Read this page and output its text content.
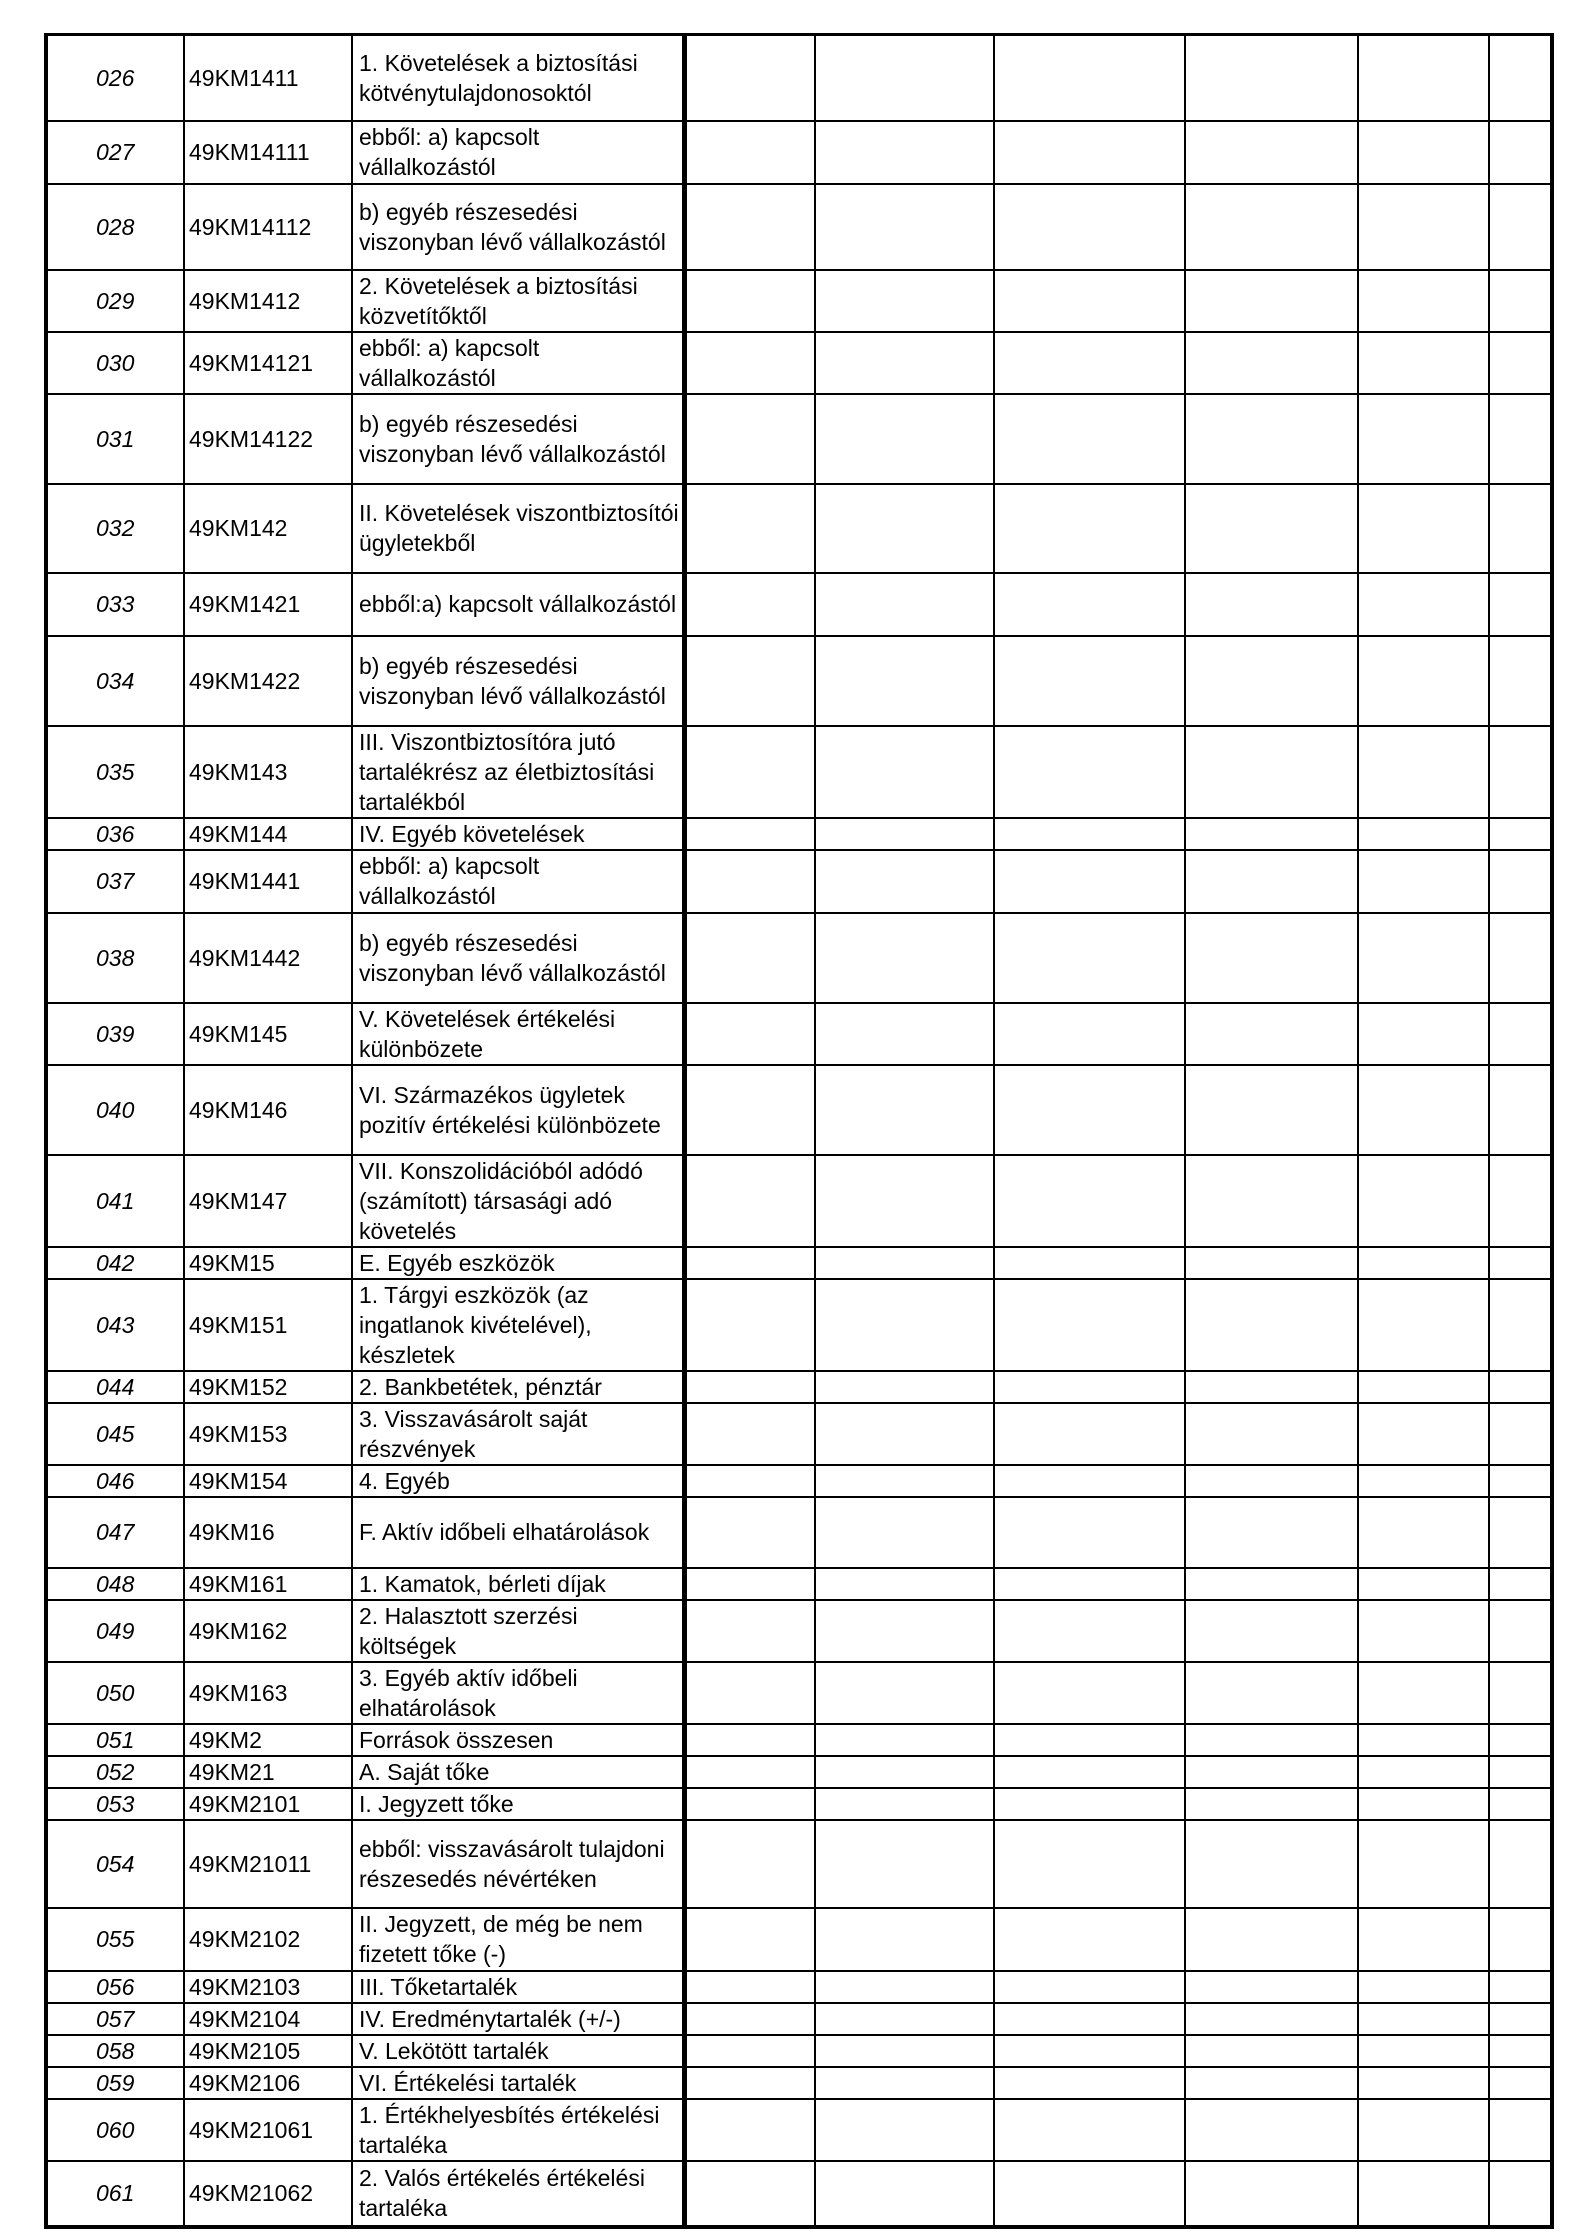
026	49KM1411	1. Követelések a biztosítási kötvénytulajdonosoktól						
027	49KM14111	ebből: a) kapcsolt vállalkozástól						
028	49KM14112	b) egyéb részesedési viszonyban lévő vállalkozástól						
029	49KM1412	2. Követelések a biztosítási közvetítőktől						
030	49KM14121	ebből: a) kapcsolt vállalkozástól						
031	49KM14122	b) egyéb részesedési viszonyban lévő vállalkozástól						
032	49KM142	II. Követelések viszontbiztosítói ügyletekből						
033	49KM1421	ebből:a) kapcsolt vállalkozástól						
034	49KM1422	b) egyéb részesedési viszonyban lévő vállalkozástól						
035	49KM143	III. Viszontbiztosítóra jutó tartalékrész az életbiztosítási tartalékból						
036	49KM144	IV. Egyéb követelések						
037	49KM1441	ebből: a) kapcsolt vállalkozástól						
038	49KM1442	b) egyéb részesedési viszonyban lévő vállalkozástól						
039	49KM145	V. Követelések értékelési különbözete						
040	49KM146	VI. Származékos ügyletek pozitív értékelési különbözete						
041	49KM147	VII. Konszolidációból adódó (számított) társasági adó követelés						
042	49KM15	E. Egyéb eszközök						
043	49KM151	1. Tárgyi eszközök (az ingatlanok kivételével), készletek						
044	49KM152	2. Bankbetétek, pénztár						
045	49KM153	3. Visszavásárolt saját részvények						
046	49KM154	4. Egyéb						
047	49KM16	F. Aktív időbeli elhatárolások						
048	49KM161	1. Kamatok, bérleti díjak						
049	49KM162	2. Halasztott szerzési költségek						
050	49KM163	3. Egyéb aktív időbeli elhatárolások						
051	49KM2	Források összesen						
052	49KM21	A. Saját tőke						
053	49KM2101	I. Jegyzett tőke						
054	49KM21011	ebből: visszavásárolt tulajdoni részesedés névértéken						
055	49KM2102	II. Jegyzett, de még be nem fizetett tőke (-)						
056	49KM2103	III. Tőketartalék						
057	49KM2104	IV. Eredménytartalék (+/-)						
058	49KM2105	V. Lekötött tartalék						
059	49KM2106	VI. Értékelési tartalék						
060	49KM21061	1. Értékhelyesbítés értékelési tartaléka						
061	49KM21062	2. Valós értékelés értékelési tartaléka						
